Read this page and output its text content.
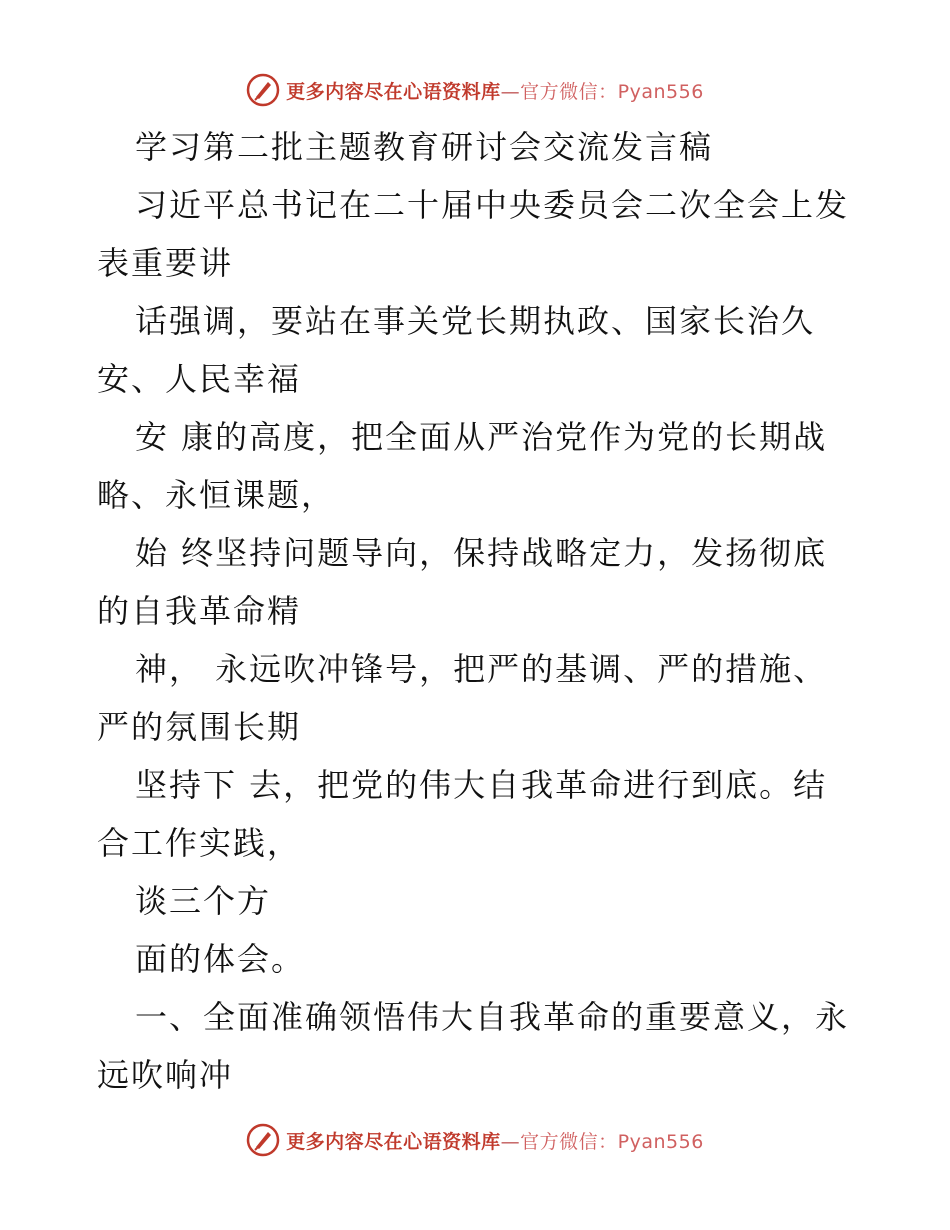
更多内容尽在心语资料库—官方微信：Pyan556
学习第二批主题教育研讨会交流发言稿
习近平总书记在二十届中央委员会二次全会上发
表重要讲
话强调，要站在事关党长期执政、国家长治久
安、人民幸福
安 康的高度，把全面从严治党作为党的长期战
略、永恒课题，
始 终坚持问题导向，保持战略定力，发扬彻底
的自我革命精
神， 永远吹冲锋号，把严的基调、严的措施、
严的氛围长期
坚持下 去，把党的伟大自我革命进行到底。结
合工作实践，
谈三个方
面的体会。
一、全面准确领悟伟大自我革命的重要意义，永
远吹响冲
更多内容尽在心语资料库—官方微信：Pyan556
